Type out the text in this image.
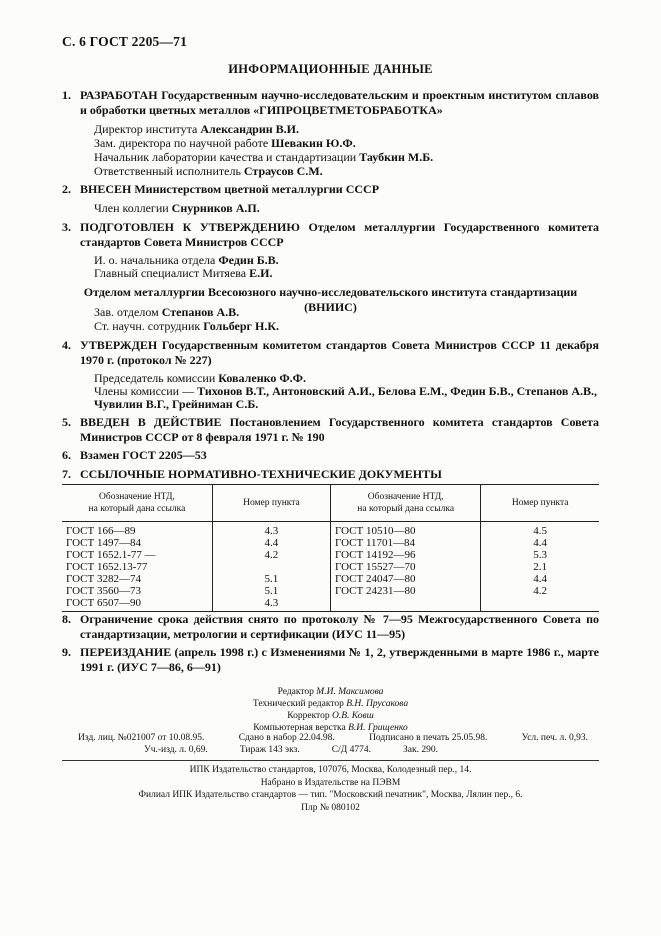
С. 6 ГОСТ 2205—71
ИНФОРМАЦИОННЫЕ ДАННЫЕ
1. РАЗРАБОТАН Государственным научно-исследовательским и проектным институтом сплавов и обработки цветных металлов «ГИПРОЦВЕТМЕТОБРАБОТКА»
Директор института Александрин В.И.
Зам. директора по научной работе Шевакин Ю.Ф.
Начальник лаборатории качества и стандартизации Таубкин М.Б.
Ответственный исполнитель Страусов С.М.
2. ВНЕСЕН Министерством цветной металлургии СССР
Член коллегии Снурников А.П.
3. ПОДГОТОВЛЕН К УТВЕРЖДЕНИЮ Отделом металлургии Государственного комитета стандартов Совета Министров СССР
И. о. начальника отдела Федин Б.В.
Главный специалист Митяева Е.И.
Отделом металлургии Всесоюзного научно-исследовательского института стандартизации (ВНИИС)
Зав. отделом Степанов А.В.
Ст. научн. сотрудник Гольберг Н.К.
4. УТВЕРЖДЕН Государственным комитетом стандартов Совета Министров СССР 11 декабря 1970 г. (протокол № 227)
Председатель комиссии Коваленко Ф.Ф.
Члены комиссии — Тихонов В.Т., Антоновский А.И., Белова Е.М., Федин Б.В., Степанов А.В.,
Чувилин В.Г., Грейниман С.Б.
5. ВВЕДЕН В ДЕЙСТВИЕ Постановлением Государственного комитета стандартов Совета Министров СССР от 8 февраля 1971 г. № 190
6. Взамен ГОСТ 2205—53
7. ССЫЛОЧНЫЕ НОРМАТИВНО-ТЕХНИЧЕСКИЕ ДОКУМЕНТЫ
Обозначение НТД,
на который дана ссылка	Номер пункта	Обозначение НТД,
на который дана ссылка	Номер пункта
ГОСТ 166—89	4.3	ГОСТ 10510—80	4.5
ГОСТ 1497—84	4.4	ГОСТ 11701—84	4.4
ГОСТ 1652.1-77 —	4.2	ГОСТ 14192—96	5.3
ГОСТ 1652.13-77		ГОСТ 15527—70	2.1
ГОСТ 3282—74	5.1	ГОСТ 24047—80	4.4
ГОСТ 3560—73	5.1	ГОСТ 24231—80	4.2
ГОСТ 6507—90	4.3		
8. Ограничение срока действия снято по протоколу № 7—95 Межгосударственного Совета по стандартизации, метрологии и сертификации (ИУС 11—95)
9. ПЕРЕИЗДАНИЕ (апрель 1998 г.) с Изменениями № 1, 2, утвержденными в марте 1986 г., марте 1991 г. (ИУС 7—86, 6—91)
Редактор М.И. Максимова
Технический редактор В.Н. Прусакова
Корректор О.В. Ковш
Компьютерная верстка В.И. Грищенко
Изд. лиц. №021007 от 10.08.95.	Сдано в набор 22.04.98.	Подписано в печать 25.05.98.	Усл. печ. л. 0,93.
Уч.-изд. л. 0,69.	Тираж 143 экз.	С/Д 4774.	Зак. 290.
ИПК Издательство стандартов, 107076, Москва, Колодезный пер., 14.
Набрано в Издательстве на ПЭВМ
Филиал ИПК Издательство стандартов — тип. "Московский печатник", Москва, Лялин пер., 6.
Плр № 080102
